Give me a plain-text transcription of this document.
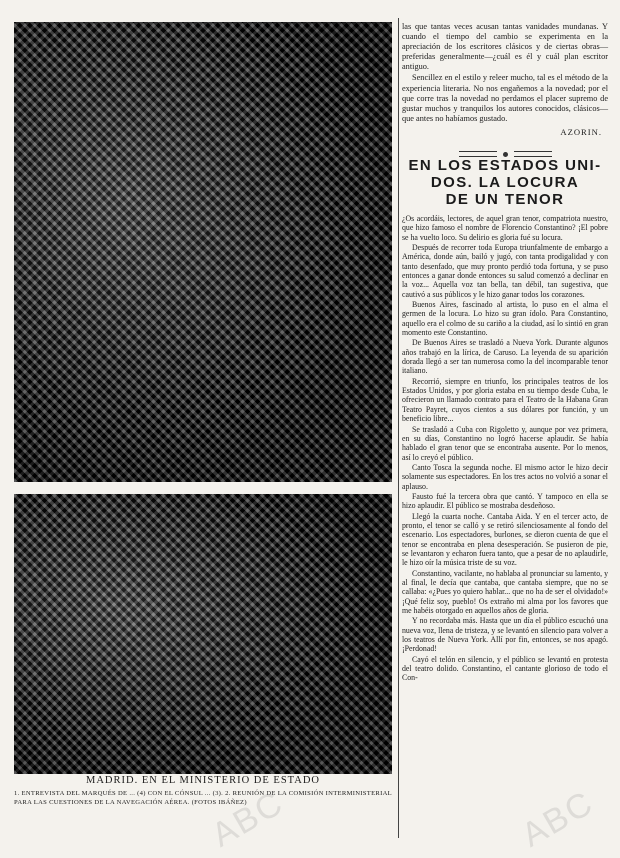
MADRID. EN EL MINISTERIO DE ESTADO
1. ENTREVISTA DEL MARQUÉS DE ... (4) CON EL CÓNSUL ... (3). 2. REUNIÓN DE LA COMISIÓN INTERMINISTERIAL PARA LAS CUESTIONES DE LA NAVEGACIÓN AÉREA. (FOTOS IBÁÑEZ)

las que tantas veces acusan tantas vanidades mundanas. Y cuando el tiempo del cambio se experimenta en la apreciación de los escritores clásicos y de ciertas obras—preferidas generalmente—¿cuál es él y cuál plan escritor antiguo.

Sencillez en el estilo y releer mucho, tal es el método de la experiencia literaria. No nos engañemos a la novedad; por el que corre tras la novedad no perdamos el placer supremo de gustar muchos y tranquilos los autores conocidos, clásicos—que antes no habíamos gustado.

AZORIN.

EN LOS ESTADOS UNI-
DOS. LA LOCURA
DE UN TENOR

¿Os acordáis, lectores, de aquel gran tenor, compatriota nuestro, que hizo famoso el nombre de Florencio Constantino? ¡El pobre se ha vuelto loco. Su delirio es gloria fué su locura.

Después de recorrer toda Europa triunfalmente de embargo a América, donde aún, bailó y jugó, con tanta prodigalidad y con tanto desenfado, que muy pronto perdió toda fortuna, y se puso entonces a ganar donde entonces su salud comenzó a declinar en la voz... Aquella voz tan bella, tan débil, tan sugestiva, que cautivó a sus públicos y le hizo ganar todos los corazones.

Buenos Aires, fascinado al artista, lo puso en el alma el germen de la locura. Lo hizo su gran ídolo. Para Constantino, aquello era el colmo de su cariño a la ciudad, así lo sintió en gran momento este Constantino.

De Buenos Aires se trasladó a Nueva York. Durante algunos años trabajó en la lírica, de Caruso. La leyenda de su aparición dorada llegó a ser tan numerosa como la del incomparable tenor italiano.

Recorrió, siempre en triunfo, los principales teatros de los Estados Unidos, y por gloria estaba en su tiempo desde Cuba, le ofrecieron un llamado contrato para el Teatro de la Habana Gran Teatro Payret, cuyos cientos a sus dólares por función, y un beneficio libre...

Se trasladó a Cuba con Rigoletto y, aunque por vez primera, en su días, Constantino no logró hacerse aplaudir. Se había hablado el gran tenor que se encontraba ausente. Por lo menos, así lo creyó el público.

Canto Tosca la segunda noche. El mismo actor le hizo decir solamente sus espectadores. En los tres actos no volvió a sonar el aplauso.

Fausto fué la tercera obra que cantó. Y tampoco en ella se hizo aplaudir. El público se mostraba desdeñoso.

Llegó la cuarta noche. Cantaba Aida. Y en el tercer acto, de pronto, el tenor se calló y se retiró silenciosamente al fondo del escenario. Los espectadores, burlones, se dieron cuenta de que el tenor se encontraba en plena desesperación. Se pusieron de pie, se levantaron y echaron fuera tanto, que a pesar de no aplaudirle, le hizo oír la música triste de su voz.

Constantino, vacilante, no hablaba al pronunciar su lamento, y al final, le decía que cantaba, que cantaba siempre, que no se callaba: «¿Pues yo quiero hablar... que no ha de ser el olvidado!» ¡Qué feliz soy, pueblo! Os extraño mi alma por los favores que me habéis otorgado en aquellos años de gloria.

Y no recordaba más. Hasta que un día el público escuchó una nueva voz, llena de tristeza, y se levantó en silencio para volver a los teatros de Nueva York. Allí por fin, entonces, se nos apagó. ¡Perdonad!

Cayó el telón en silencio, y el público se levantó en protesta del teatro dolido. Constantino, el cantante glorioso de todo el Con-

ABC	ABC
